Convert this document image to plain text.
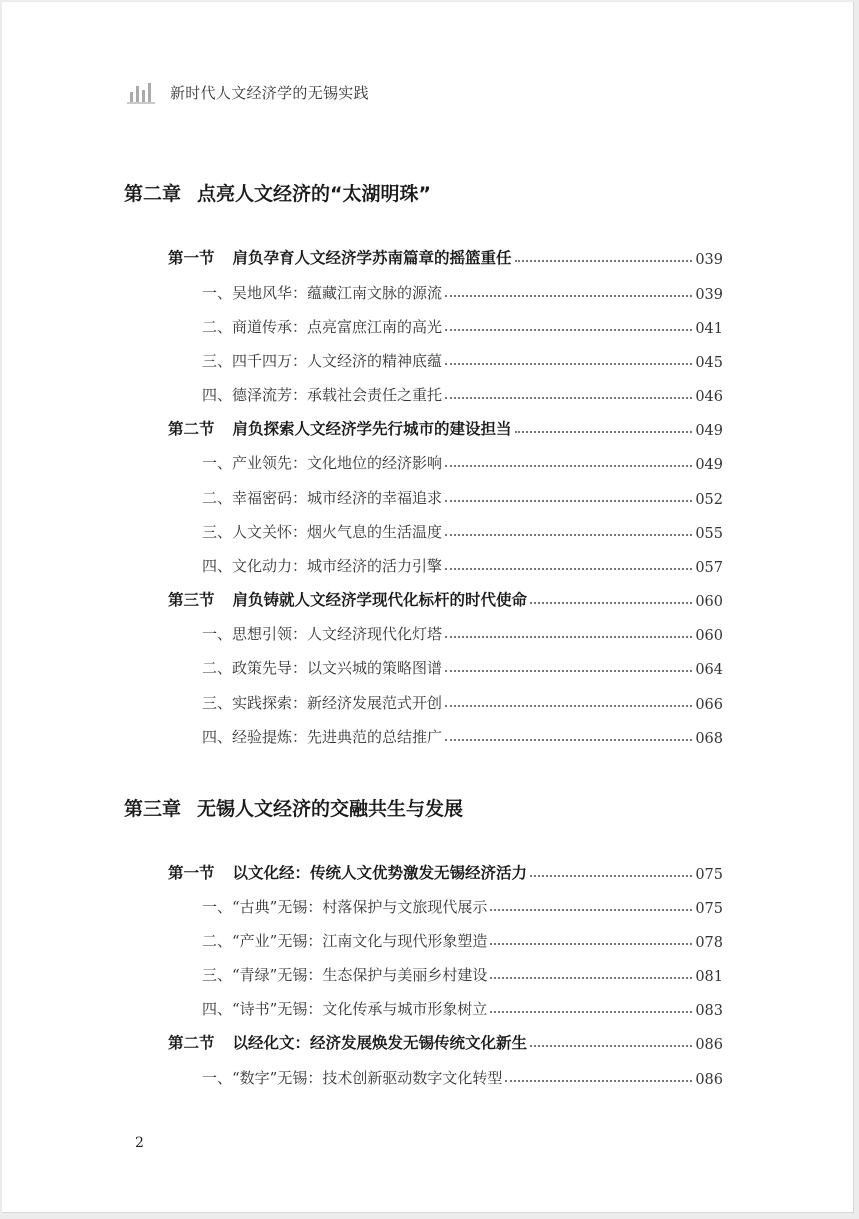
新时代人文经济学的无锡实践
第二章 点亮人文经济的“太湖明珠”
第一节 肩负孕育人文经济学苏南篇章的摇篮重任	039
一、吴地风华：蕴藏江南文脉的源流	039
二、商道传承：点亮富庶江南的高光	041
三、四千四万：人文经济的精神底蕴	045
四、德泽流芳：承载社会责任之重托	046
第二节 肩负探索人文经济学先行城市的建设担当	049
一、产业领先：文化地位的经济影响	049
二、幸福密码：城市经济的幸福追求	052
三、人文关怀：烟火气息的生活温度	055
四、文化动力：城市经济的活力引擎	057
第三节 肩负铸就人文经济学现代化标杆的时代使命	060
一、思想引领：人文经济现代化灯塔	060
二、政策先导：以文兴城的策略图谱	064
三、实践探索：新经济发展范式开创	066
四、经验提炼：先进典范的总结推广	068
第三章 无锡人文经济的交融共生与发展
第一节 以文化经：传统人文优势激发无锡经济活力	075
一、“古典”无锡：村落保护与文旅现代展示	075
二、“产业”无锡：江南文化与现代形象塑造	078
三、“青绿”无锡：生态保护与美丽乡村建设	081
四、“诗书”无锡：文化传承与城市形象树立	083
第二节 以经化文：经济发展焕发无锡传统文化新生	086
一、“数字”无锡：技术创新驱动数字文化转型	086
2
